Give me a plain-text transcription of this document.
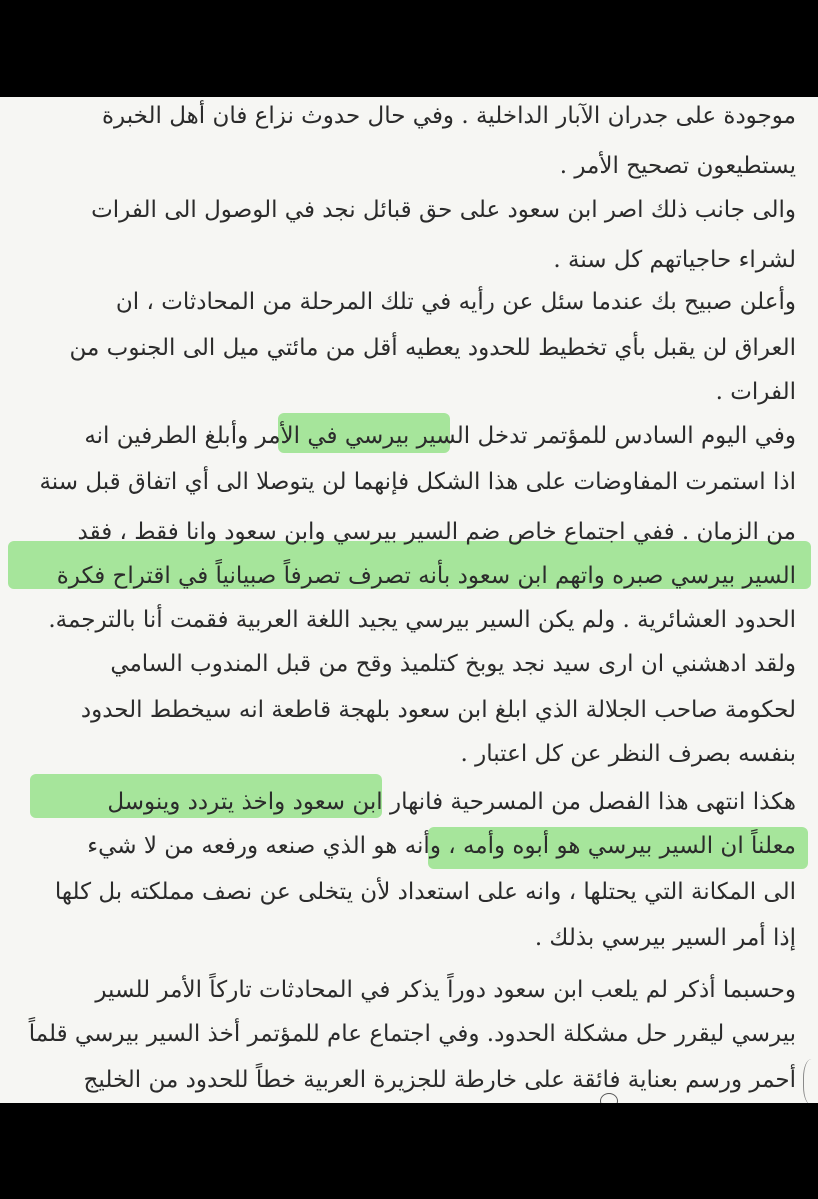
موجودة على جدران الآبار الداخلية . وفي حال حدوث نزاع فان أهل الخبرة
يستطيعون تصحيح الأمر .
والى جانب ذلك اصر ابن سعود على حق قبائل نجد في الوصول الى الفرات
لشراء حاجياتهم كل سنة .
وأعلن صبيح بك عندما سئل عن رأيه في تلك المرحلة من المحادثات ، ان
العراق لن يقبل بأي تخطيط للحدود يعطيه أقل من مائتي ميل الى الجنوب من
الفرات .
وفي اليوم السادس للمؤتمر تدخل السير بيرسي في الأمر وأبلغ الطرفين انه
اذا استمرت المفاوضات على هذا الشكل فإنهما لن يتوصلا الى أي اتفاق قبل سنة
من الزمان . ففي اجتماع خاص ضم السير بيرسي وابن سعود وانا فقط ، فقد
السير بيرسي صبره واتهم ابن سعود بأنه تصرف تصرفاً صبيانياً في اقتراح فكرة
الحدود العشائرية . ولم يكن السير بيرسي يجيد اللغة العربية فقمت أنا بالترجمة.
ولقد ادهشني ان ارى سيد نجد يوبخ كتلميذ وقح من قبل المندوب السامي
لحكومة صاحب الجلالة الذي ابلغ ابن سعود بلهجة قاطعة انه سيخطط الحدود
بنفسه بصرف النظر عن كل اعتبار .
هكذا انتهى هذا الفصل من المسرحية فانهار ابن سعود واخذ يتردد وينوسل
معلناً ان السير بيرسي هو أبوه وأمه ، وأنه هو الذي صنعه ورفعه من لا شيء
الى المكانة التي يحتلها ، وانه على استعداد لأن يتخلى عن نصف مملكته بل كلها
إذا أمر السير بيرسي بذلك .
وحسبما أذكر لم يلعب ابن سعود دوراً يذكر في المحادثات تاركاً الأمر للسير
بيرسي ليقرر حل مشكلة الحدود. وفي اجتماع عام للمؤتمر أخذ السير بيرسي قلماً
أحمر ورسم بعناية فائقة على خارطة للجزيرة العربية خطاً للحدود من الخليج
